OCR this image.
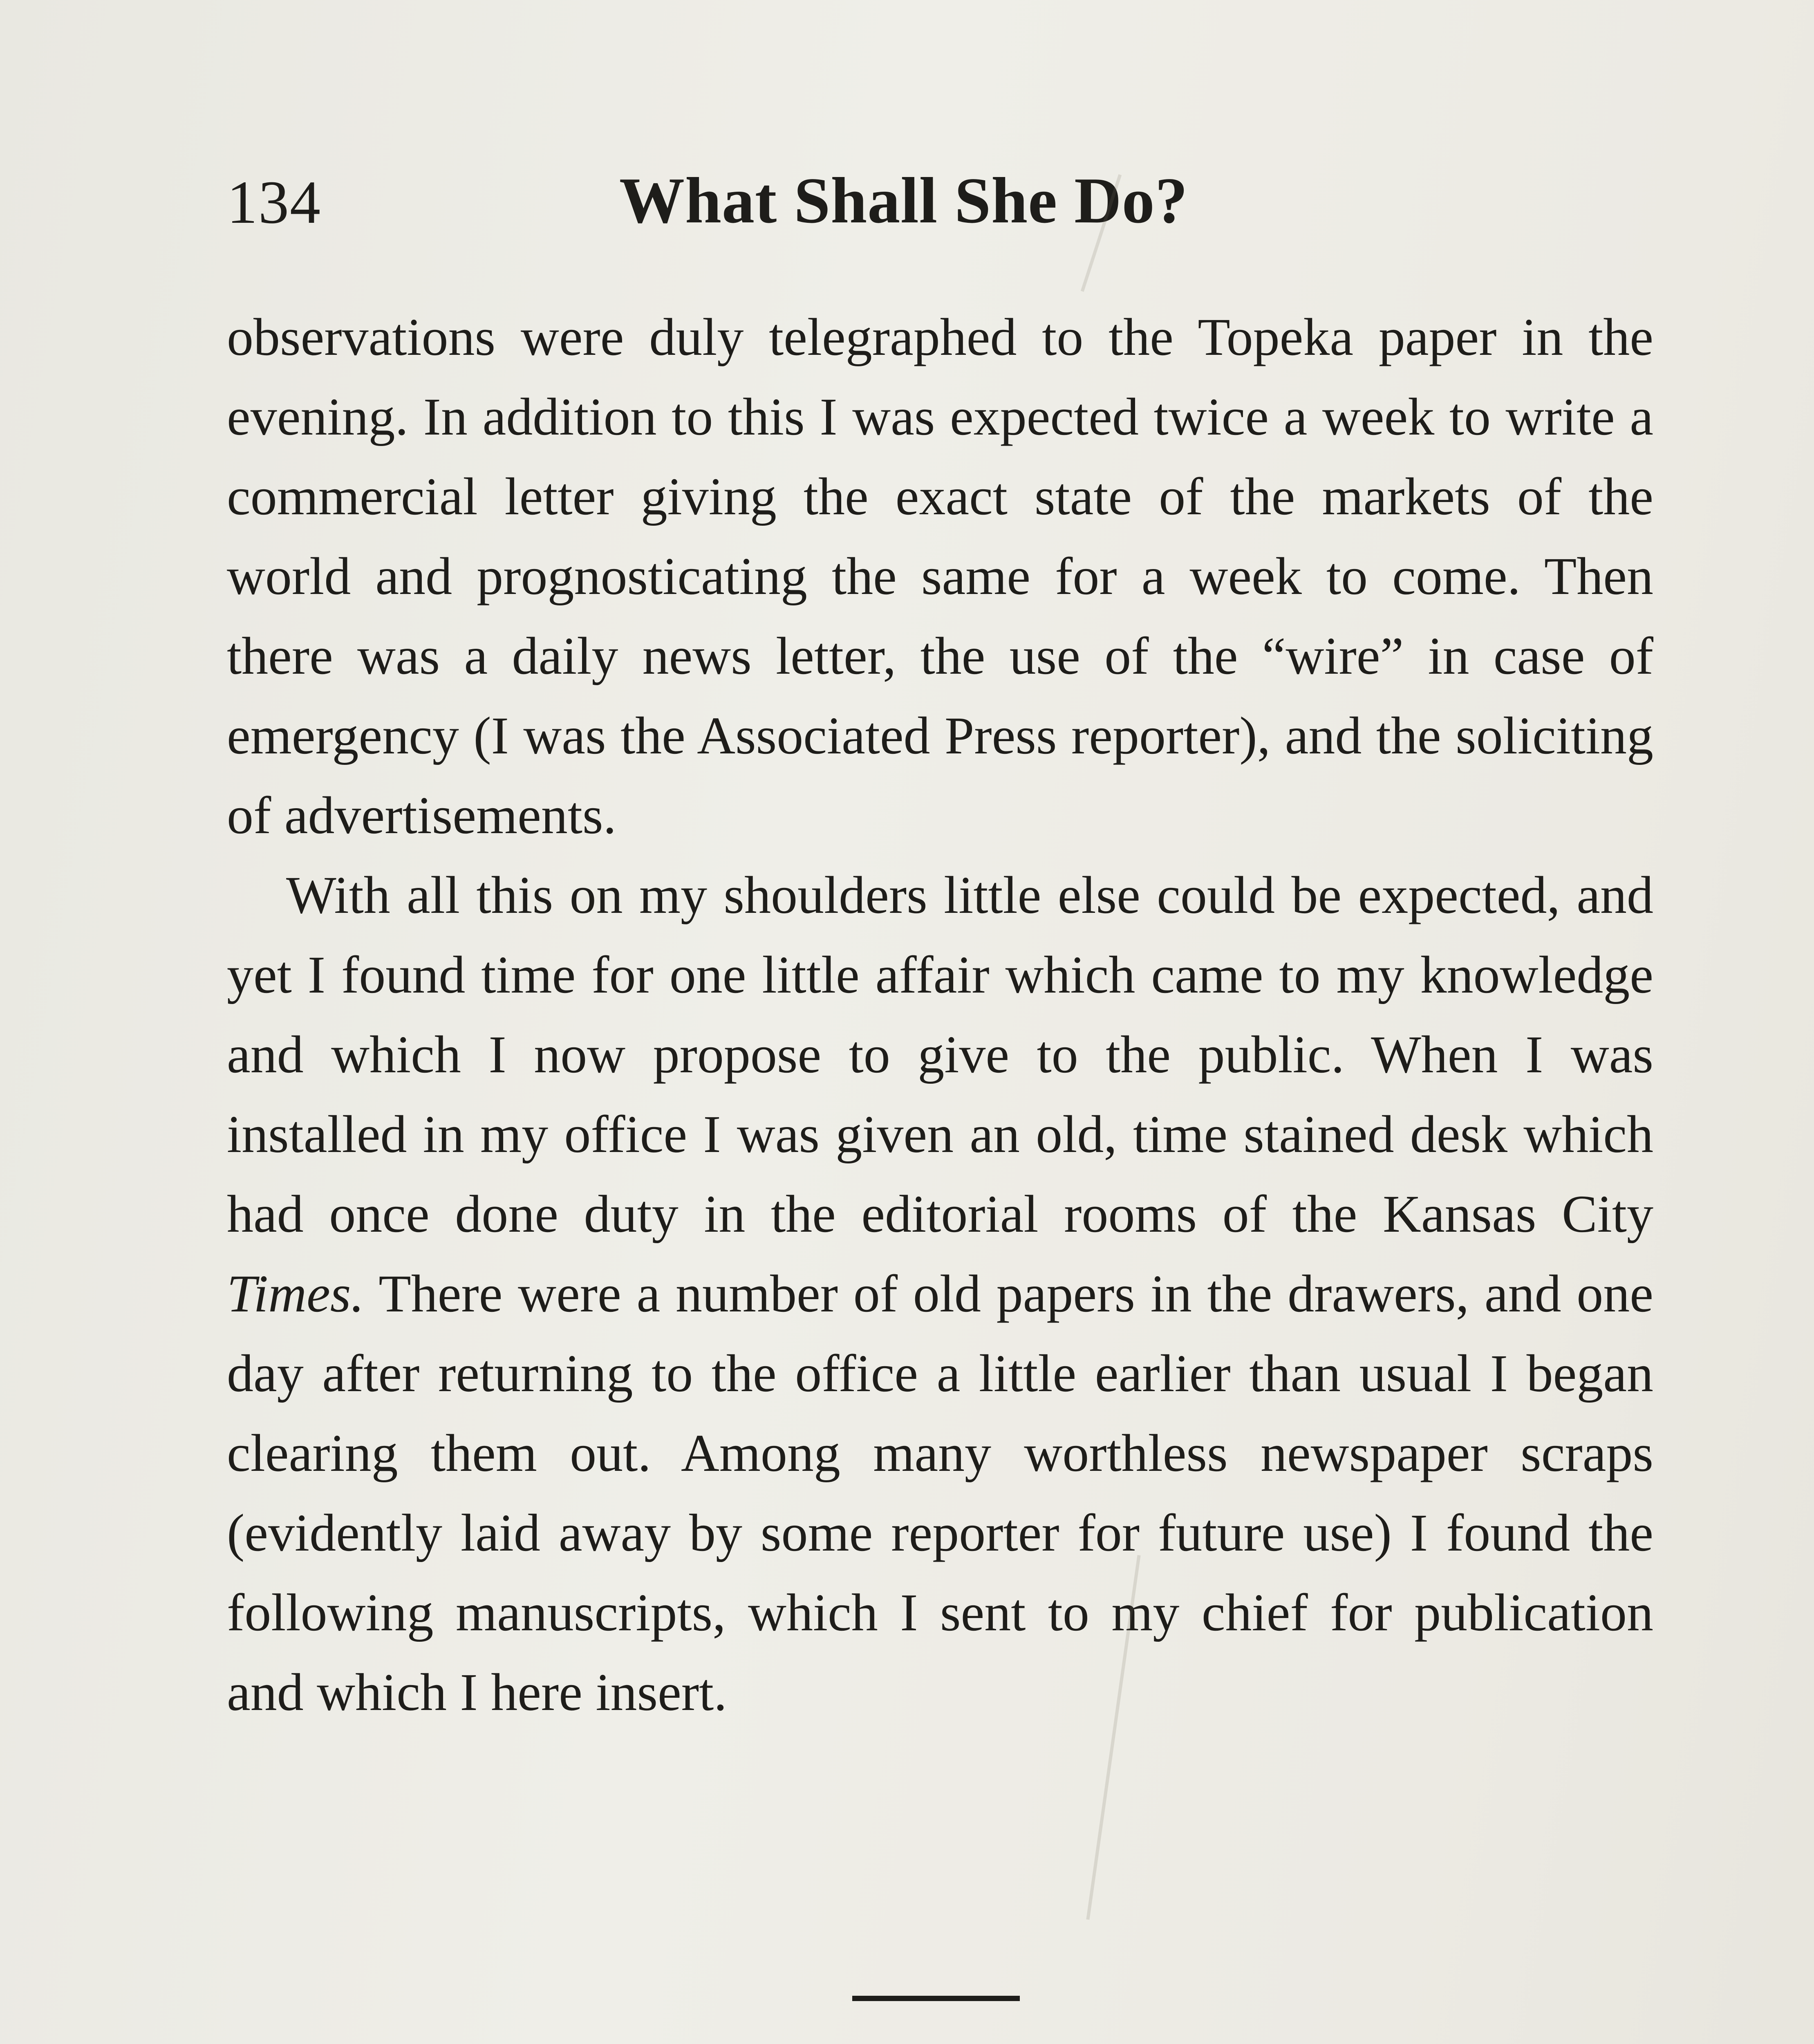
134	What Shall She Do?

observations were duly telegraphed to the Topeka paper in the evening. In addition to this I was expected twice a week to write a commercial letter giving the exact state of the markets of the world and prognosticating the same for a week to come. Then there was a daily news letter, the use of the “wire” in case of emergency (I was the Associated Press reporter), and the soliciting of advertisements.

With all this on my shoulders little else could be expected, and yet I found time for one little affair which came to my knowledge and which I now propose to give to the public. When I was installed in my office I was given an old, time stained desk which had once done duty in the editorial rooms of the Kansas City Times. There were a number of old papers in the drawers, and one day after returning to the office a little earlier than usual I began clearing them out. Among many worthless newspaper scraps (evidently laid away by some reporter for future use) I found the following manuscripts, which I sent to my chief for publication and which I here insert.
